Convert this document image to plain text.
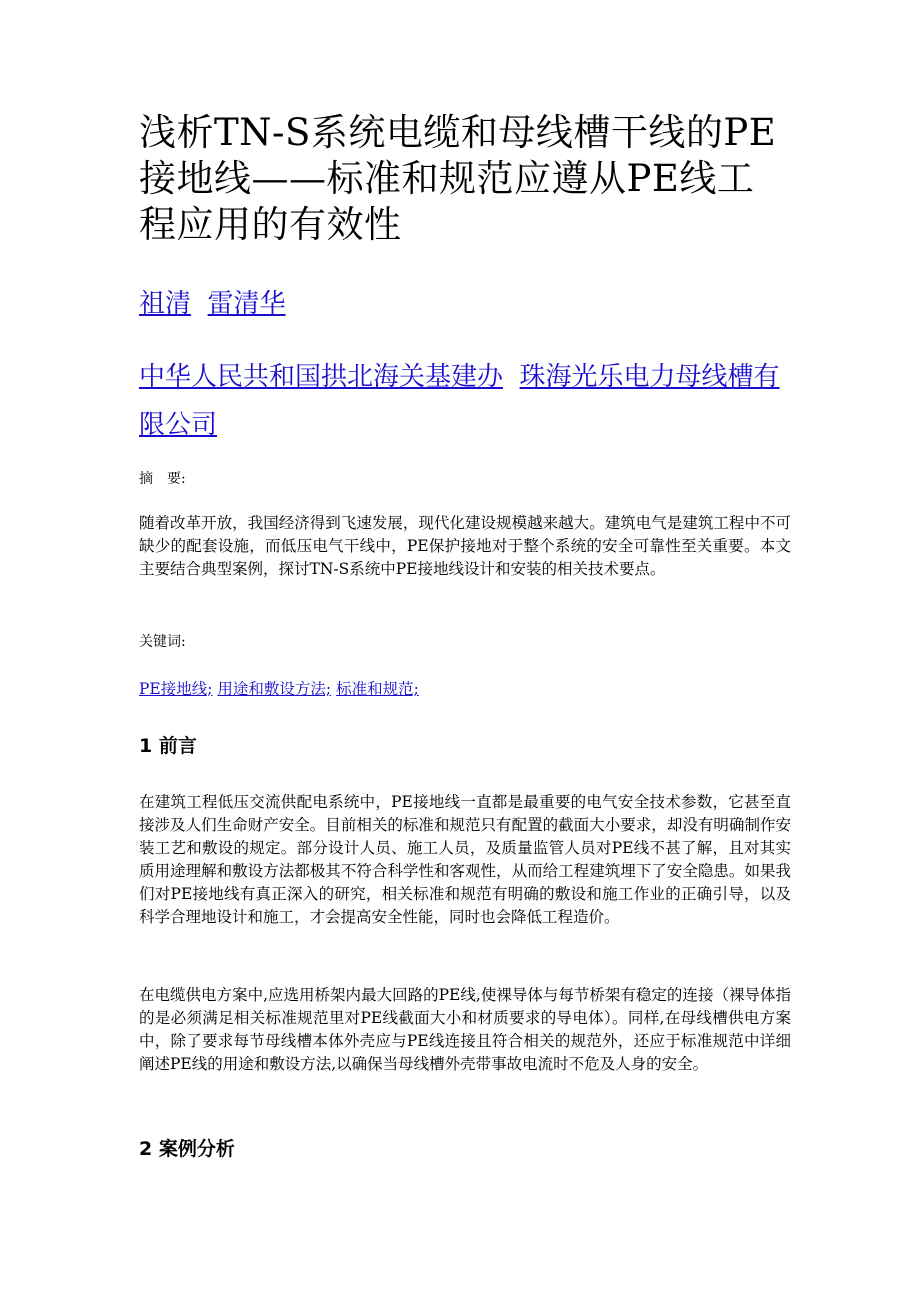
浅析TN-S系统电缆和母线槽干线的PE接地线——标准和规范应遵从PE线工程应用的有效性
祖清 雷清华
中华人民共和国拱北海关基建办 珠海光乐电力母线槽有限公司
摘　要:

随着改革开放，我国经济得到飞速发展，现代化建设规模越来越大。建筑电气是建筑工程中不可缺少的配套设施，而低压电气干线中，PE保护接地对于整个系统的安全可靠性至关重要。本文主要结合典型案例，探讨TN-S系统中PE接地线设计和安装的相关技术要点。

关键词:
PE接地线; 用途和敷设方法; 标准和规范;
1 前言

在建筑工程低压交流供配电系统中，PE接地线一直都是最重要的电气安全技术参数，它甚至直接涉及人们生命财产安全。目前相关的标准和规范只有配置的截面大小要求，却没有明确制作安装工艺和敷设的规定。部分设计人员、施工人员，及质量监管人员对PE线不甚了解，且对其实质用途理解和敷设方法都极其不符合科学性和客观性，从而给工程建筑埋下了安全隐患。如果我们对PE接地线有真正深入的研究，相关标准和规范有明确的敷设和施工作业的正确引导，以及科学合理地设计和施工，才会提高安全性能，同时也会降低工程造价。

在电缆供电方案中,应选用桥架内最大回路的PE线,使裸导体与每节桥架有稳定的连接（裸导体指的是必须满足相关标准规范里对PE线截面大小和材质要求的导电体）。同样,在母线槽供电方案中，除了要求每节母线槽本体外壳应与PE线连接且符合相关的规范外，还应于标准规范中详细阐述PE线的用途和敷设方法,以确保当母线槽外壳带事故电流时不危及人身的安全。

2 案例分析
